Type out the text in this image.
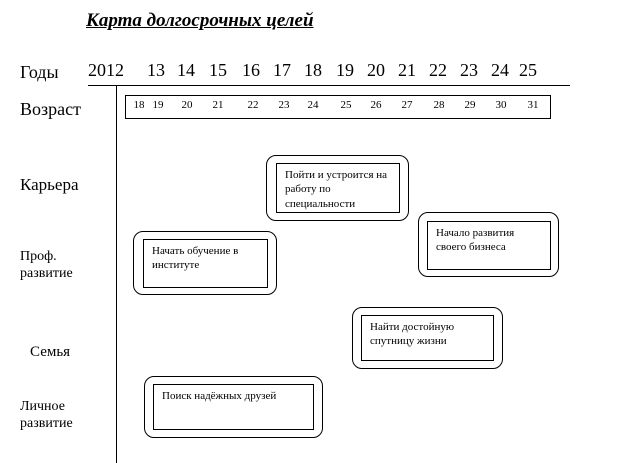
Карта долгосрочных целей
Годы
Возраст
Карьера
Проф.
развитие
Семья
Личное
развитие
2012 13 14 15 16 17 18 19 20 21 22 23 24 25
18 19 20 21 22 23 24 25 26 27 28 29 30 31
Пойти и устроится на работу по специальности
Начать обучение в институте
Начало развития своего бизнеса
Найти достойную спутницу жизни
Поиск надёжных друзей
